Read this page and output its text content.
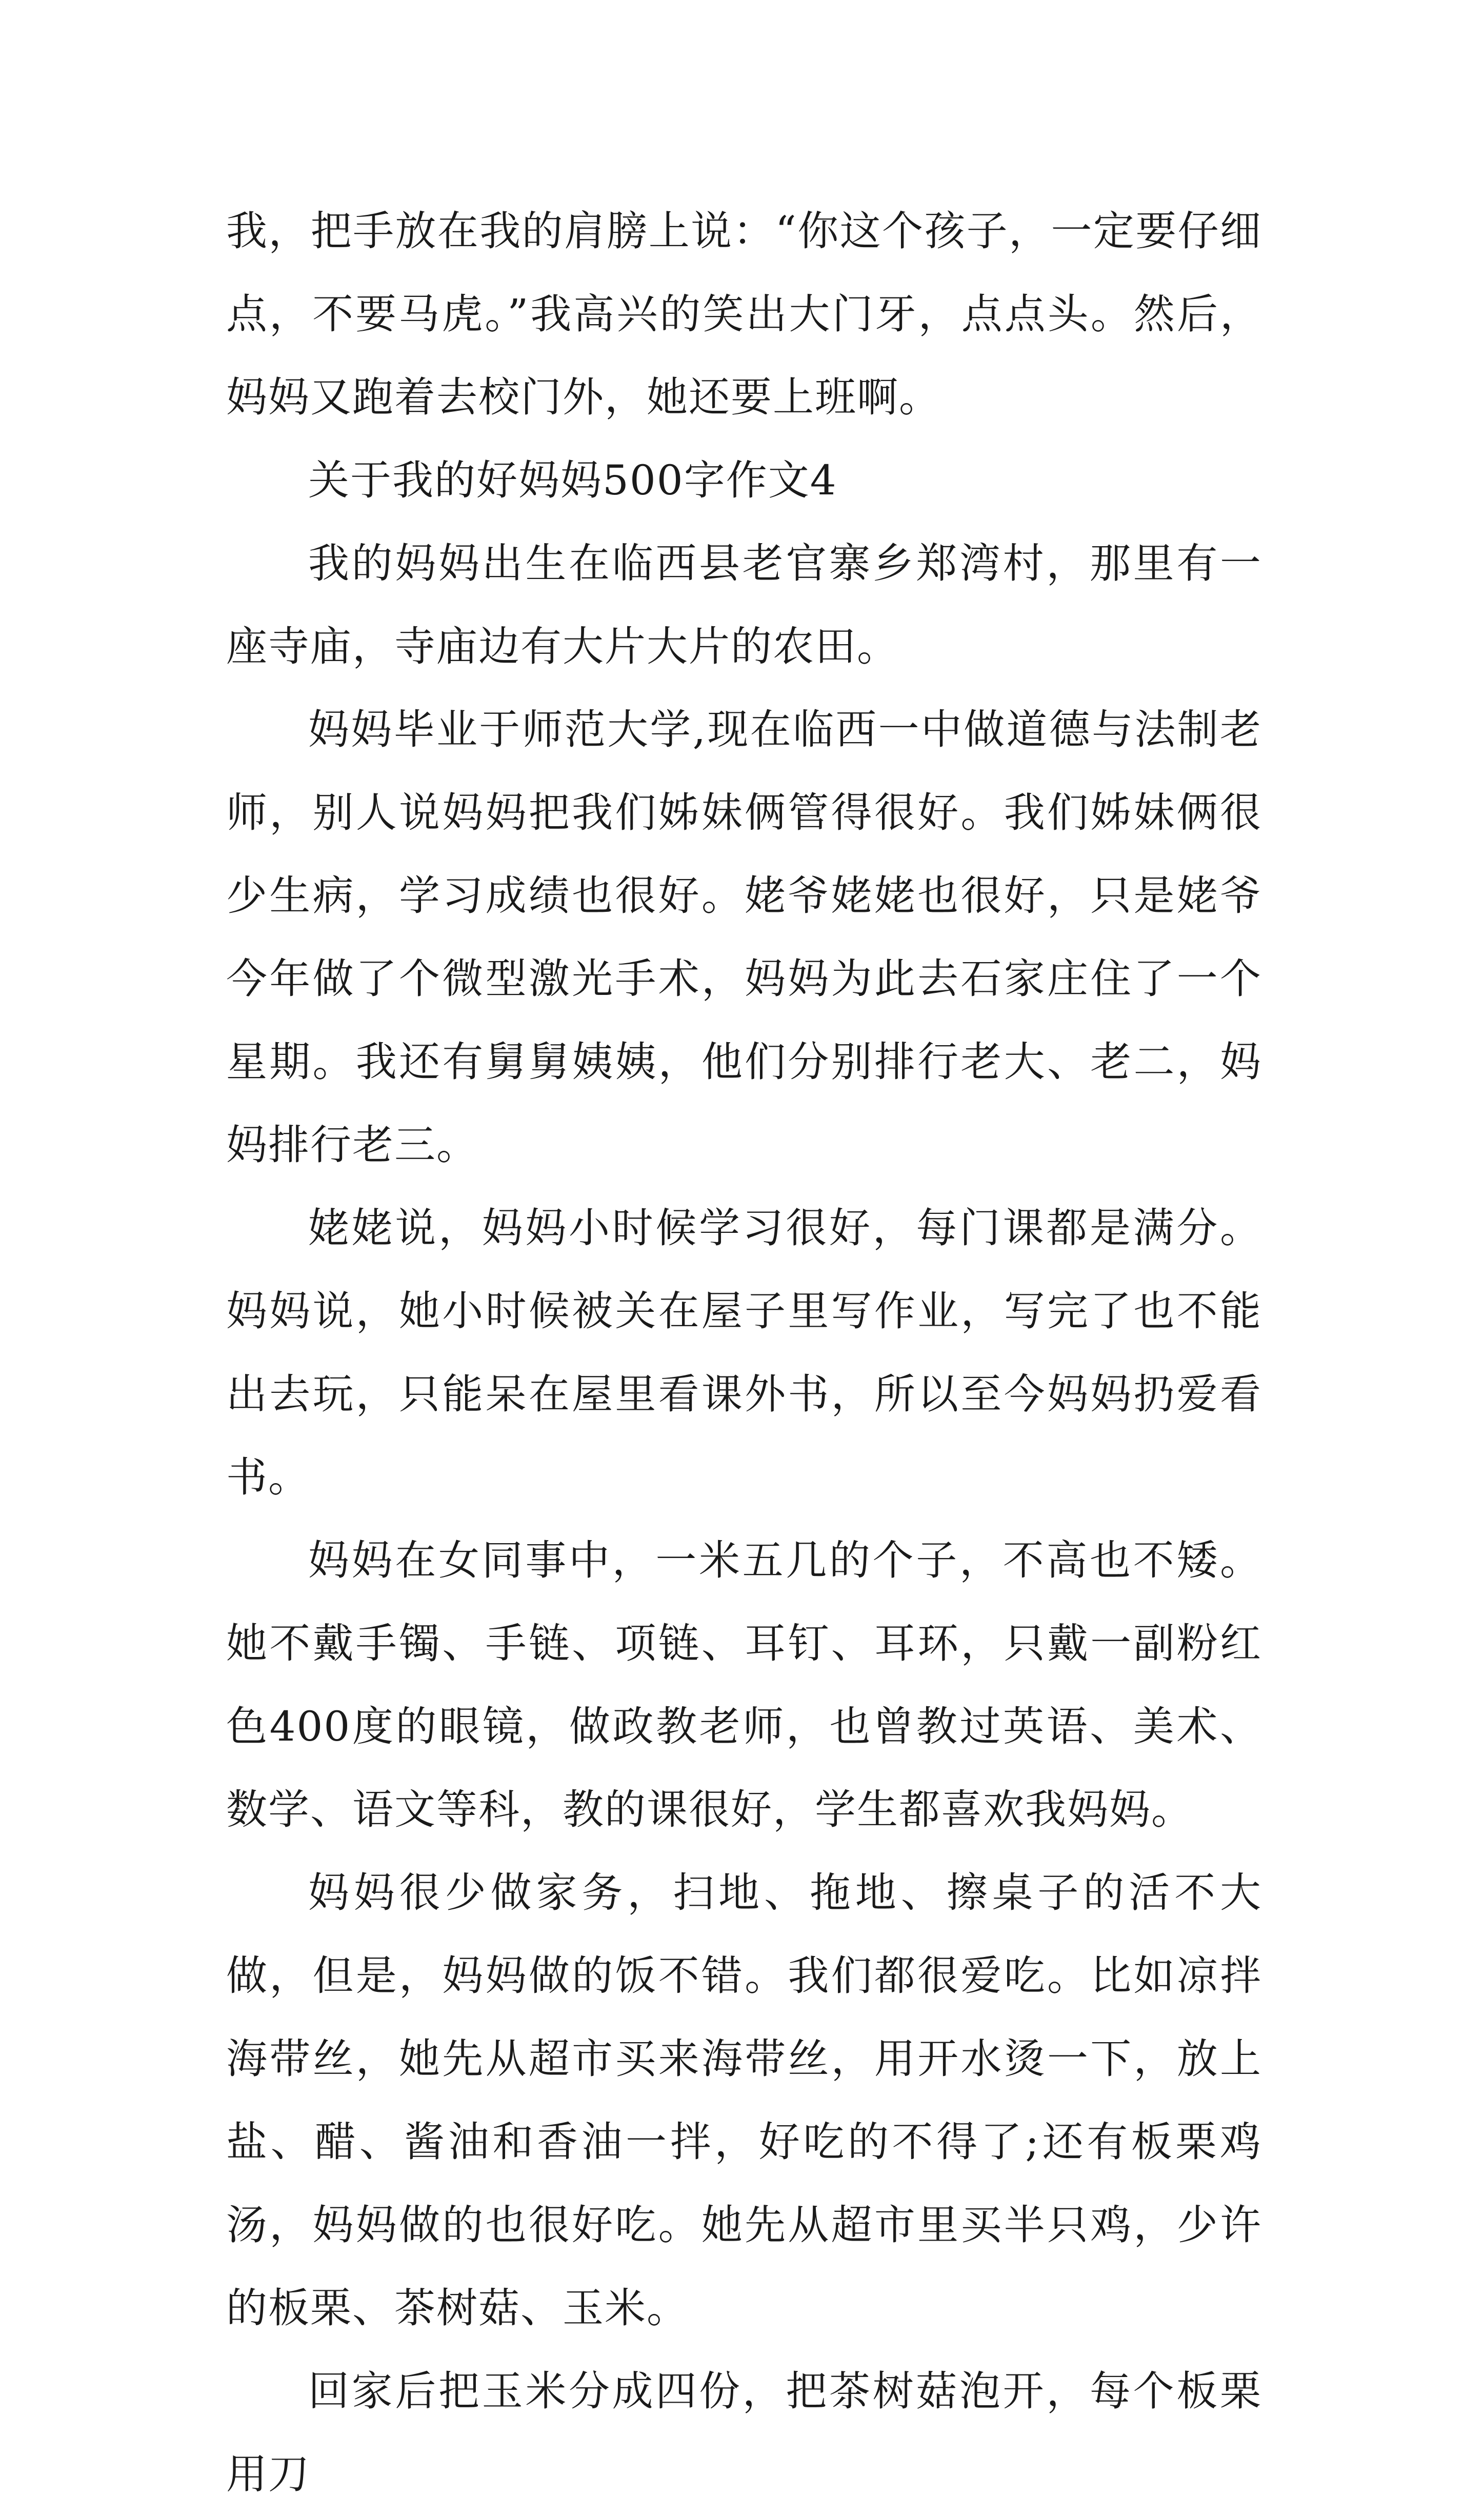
我，把手放在我的肩膀上说：“你这个孩子，一定要仔细点，不要马虎。”我高兴的笑出大门牙，点点头。然后，妈妈又跑着去校门外，她还要上班啊。

关于我的好妈妈500字作文4

我的妈妈出生在临西县老官寨乡郑湾村，那里有一座寺庙，寺庙边有大片大片的农田。

妈妈毕业于师范大学,现在临西一中做道德与法制老师，别人说妈妈把我们姊妹俩管得很好。我们姊妹俩很少生病，学习成绩也很好。姥爷姥姥也很好，只是姥爷今年做了个微型激光手术，妈妈为此去石家庄住了一个星期。我还有舅舅姨姨，他们分别排行老大、老二，妈妈排行老三。

姥姥说，妈妈小时候学习很好，每门课都是满分。妈妈说，她小时候被关在屋子里写作业，写完了也不能出去玩，只能呆在屋里看课外书，所以至今妈妈扔爱看书。

妈妈在女同事中，一米五几的个子，不高也不矮。她不戴手镯、手链、项链、耳钉、耳环，只戴一副粉红色400度的眼镜，做政教老师，也曾教过英语、美术、数学、语文等科，教的课很好，学生都喜欢我妈妈。

妈妈很少做家务，扫地、拖地、擦桌子的活不大做，但是，妈妈做的饭不错。我们都很爱吃。比如凉拌海带丝，她先从超市买来海带丝，用开水烫一下，放上盐、醋、酱油和香油一拌，好吃的不得了;还有板栗鸡汤，妈妈做的也很好吃。她先从超市里买半只鸡，少许的板栗、茶树菇、玉米。

回家后把玉米分成四份，把茶树菇泡开，每个板栗用刀
